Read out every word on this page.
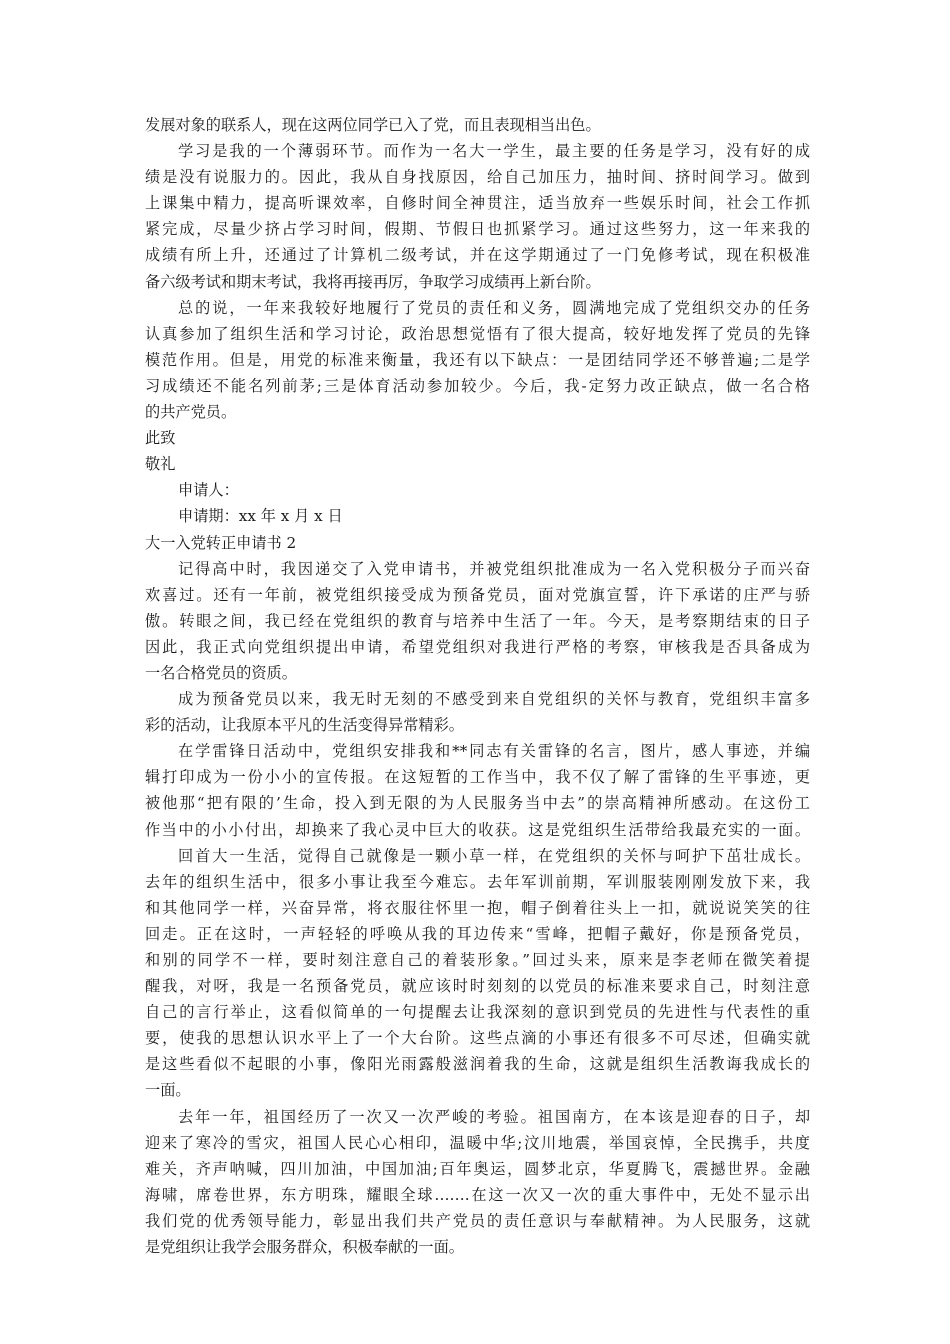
发展对象的联系人，现在这两位同学已入了党，而且表现相当出色。
学习是我的一个薄弱环节。而作为一名大一学生，最主要的任务是学习，没有好的成
绩是没有说服力的。因此，我从自身找原因，给自己加压力，抽时间、挤时间学习。做到
上课集中精力，提高听课效率，自修时间全神贯注，适当放弃一些娱乐时间，社会工作抓
紧完成，尽量少挤占学习时间，假期、节假日也抓紧学习。通过这些努力，这一年来我的
成绩有所上升，还通过了计算机二级考试，并在这学期通过了一门免修考试，现在积极准
备六级考试和期末考试，我将再接再厉，争取学习成绩再上新台阶。
总的说，一年来我较好地履行了党员的责任和义务，圆满地完成了党组织交办的任务
认真参加了组织生活和学习讨论，政治思想觉悟有了很大提高，较好地发挥了党员的先锋
模范作用。但是，用党的标准来衡量，我还有以下缺点：一是团结同学还不够普遍;二是学
习成绩还不能名列前茅;三是体育活动参加较少。今后，我-定努力改正缺点，做一名合格
的共产党员。
此致
敬礼
申请人：
申请期：xx 年 x 月 x 日
大一入党转正申请书 2
记得高中时，我因递交了入党申请书，并被党组织批准成为一名入党积极分子而兴奋
欢喜过。还有一年前，被党组织接受成为预备党员，面对党旗宣誓，许下承诺的庄严与骄
傲。转眼之间，我已经在党组织的教育与培养中生活了一年。今天，是考察期结束的日子
因此，我正式向党组织提出申请，希望党组织对我进行严格的考察，审核我是否具备成为
一名合格党员的资质。
成为预备党员以来，我无时无刻的不感受到来自党组织的关怀与教育，党组织丰富多
彩的活动，让我原本平凡的生活变得异常精彩。
在学雷锋日活动中，党组织安排我和**同志有关雷锋的名言，图片，感人事迹，并编
辑打印成为一份小小的宣传报。在这短暂的工作当中，我不仅了解了雷锋的生平事迹，更
被他那“把有限的’生命，投入到无限的为人民服务当中去”的崇高精神所感动。在这份工
作当中的小小付出，却换来了我心灵中巨大的收获。这是党组织生活带给我最充实的一面。
回首大一生活，觉得自己就像是一颗小草一样，在党组织的关怀与呵护下茁壮成长。
去年的组织生活中，很多小事让我至今难忘。去年军训前期，军训服装刚刚发放下来，我
和其他同学一样，兴奋异常，将衣服往怀里一抱，帽子倒着往头上一扣，就说说笑笑的往
回走。正在这时，一声轻轻的呼唤从我的耳边传来“雪峰，把帽子戴好，你是预备党员，
和别的同学不一样，要时刻注意自己的着装形象。”回过头来，原来是李老师在微笑着提
醒我，对呀，我是一名预备党员，就应该时时刻刻的以党员的标准来要求自己，时刻注意
自己的言行举止，这看似简单的一句提醒去让我深刻的意识到党员的先进性与代表性的重
要，使我的思想认识水平上了一个大台阶。这些点滴的小事还有很多不可尽述，但确实就
是这些看似不起眼的小事，像阳光雨露般滋润着我的生命，这就是组织生活教诲我成长的
一面。
去年一年，祖国经历了一次又一次严峻的考验。祖国南方，在本该是迎春的日子，却
迎来了寒冷的雪灾，祖国人民心心相印，温暖中华;汶川地震，举国哀悼，全民携手，共度
难关，齐声呐喊，四川加油，中国加油;百年奥运，圆梦北京，华夏腾飞，震撼世界。金融
海啸，席卷世界，东方明珠，耀眼全球…….在这一次又一次的重大事件中，无处不显示出
我们党的优秀领导能力，彰显出我们共产党员的责任意识与奉献精神。为人民服务，这就
是党组织让我学会服务群众，积极奉献的一面。
